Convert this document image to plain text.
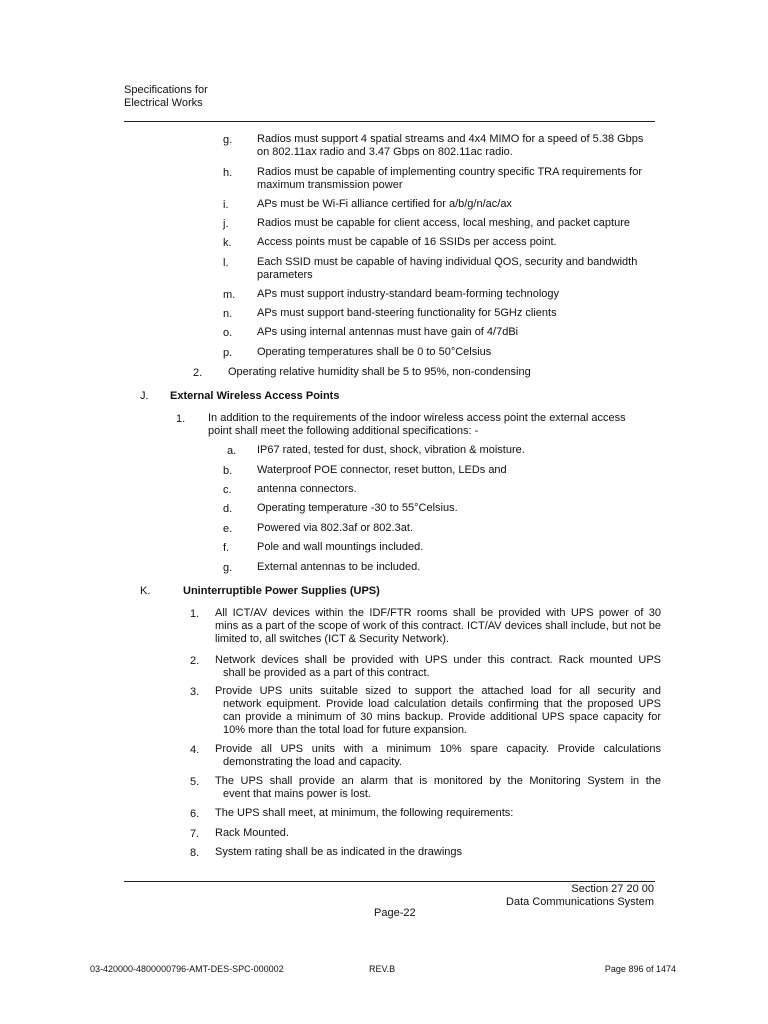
Specifications for
Electrical Works
g. Radios must support 4 spatial streams and 4x4 MIMO for a speed of 5.38 Gbps on 802.11ax radio and 3.47 Gbps on 802.11ac radio.
h. Radios must be capable of implementing country specific TRA requirements for maximum transmission power
i.	APs must be Wi-Fi alliance certified for a/b/g/n/ac/ax
j.	Radios must be capable for client access, local meshing, and packet capture
k. Access points must be capable of 16 SSIDs per access point.
l.	Each SSID must be capable of having individual QOS, security and bandwidth parameters
m. APs must support industry-standard beam-forming technology
n. APs must support band-steering functionality for 5GHz clients
o. APs using internal antennas must have gain of 4/7dBi
p. Operating temperatures shall be 0 to 50°Celsius
2. Operating relative humidity shall be 5 to 95%, non-condensing
J. External Wireless Access Points
1. In addition to the requirements of the indoor wireless access point the external access point shall meet the following additional specifications: -
a. IP67 rated, tested for dust, shock, vibration & moisture.
b. Waterproof POE connector, reset button, LEDs and
c. antenna connectors.
d. Operating temperature -30 to 55°Celsius.
e. Powered via 802.3af or 802.3at.
f.	Pole and wall mountings included.
g. External antennas to be included.
K.	Uninterruptible Power Supplies (UPS)
1. All ICT/AV devices within the IDF/FTR rooms shall be provided with UPS power of 30
mins as a part of the scope of work of this contract. ICT/AV devices shall include, but not be limited to, all switches (ICT & Security Network).
2. Network devices shall be provided with UPS under this contract. Rack mounted UPS
shall be provided as a part of this contract.
3. Provide UPS units suitable sized to support the attached load for all security and
network equipment. Provide load calculation details confirming that the proposed UPS can provide a minimum of 30 mins backup. Provide additional UPS space capacity for 10% more than the total load for future expansion.
4. Provide all UPS units with a minimum 10% spare capacity. Provide calculations
demonstrating the load and capacity.
5. The UPS shall provide an alarm that is monitored by the Monitoring System in the
event that mains power is lost.
6. The UPS shall meet, at minimum, the following requirements:
7. Rack Mounted.
8. System rating shall be as indicated in the drawings
Section 27 20 00
Data Communications System
Page-22
03-420000-4800000796-AMT-DES-SPC-000002	REV.B	Page 896 of 1474
